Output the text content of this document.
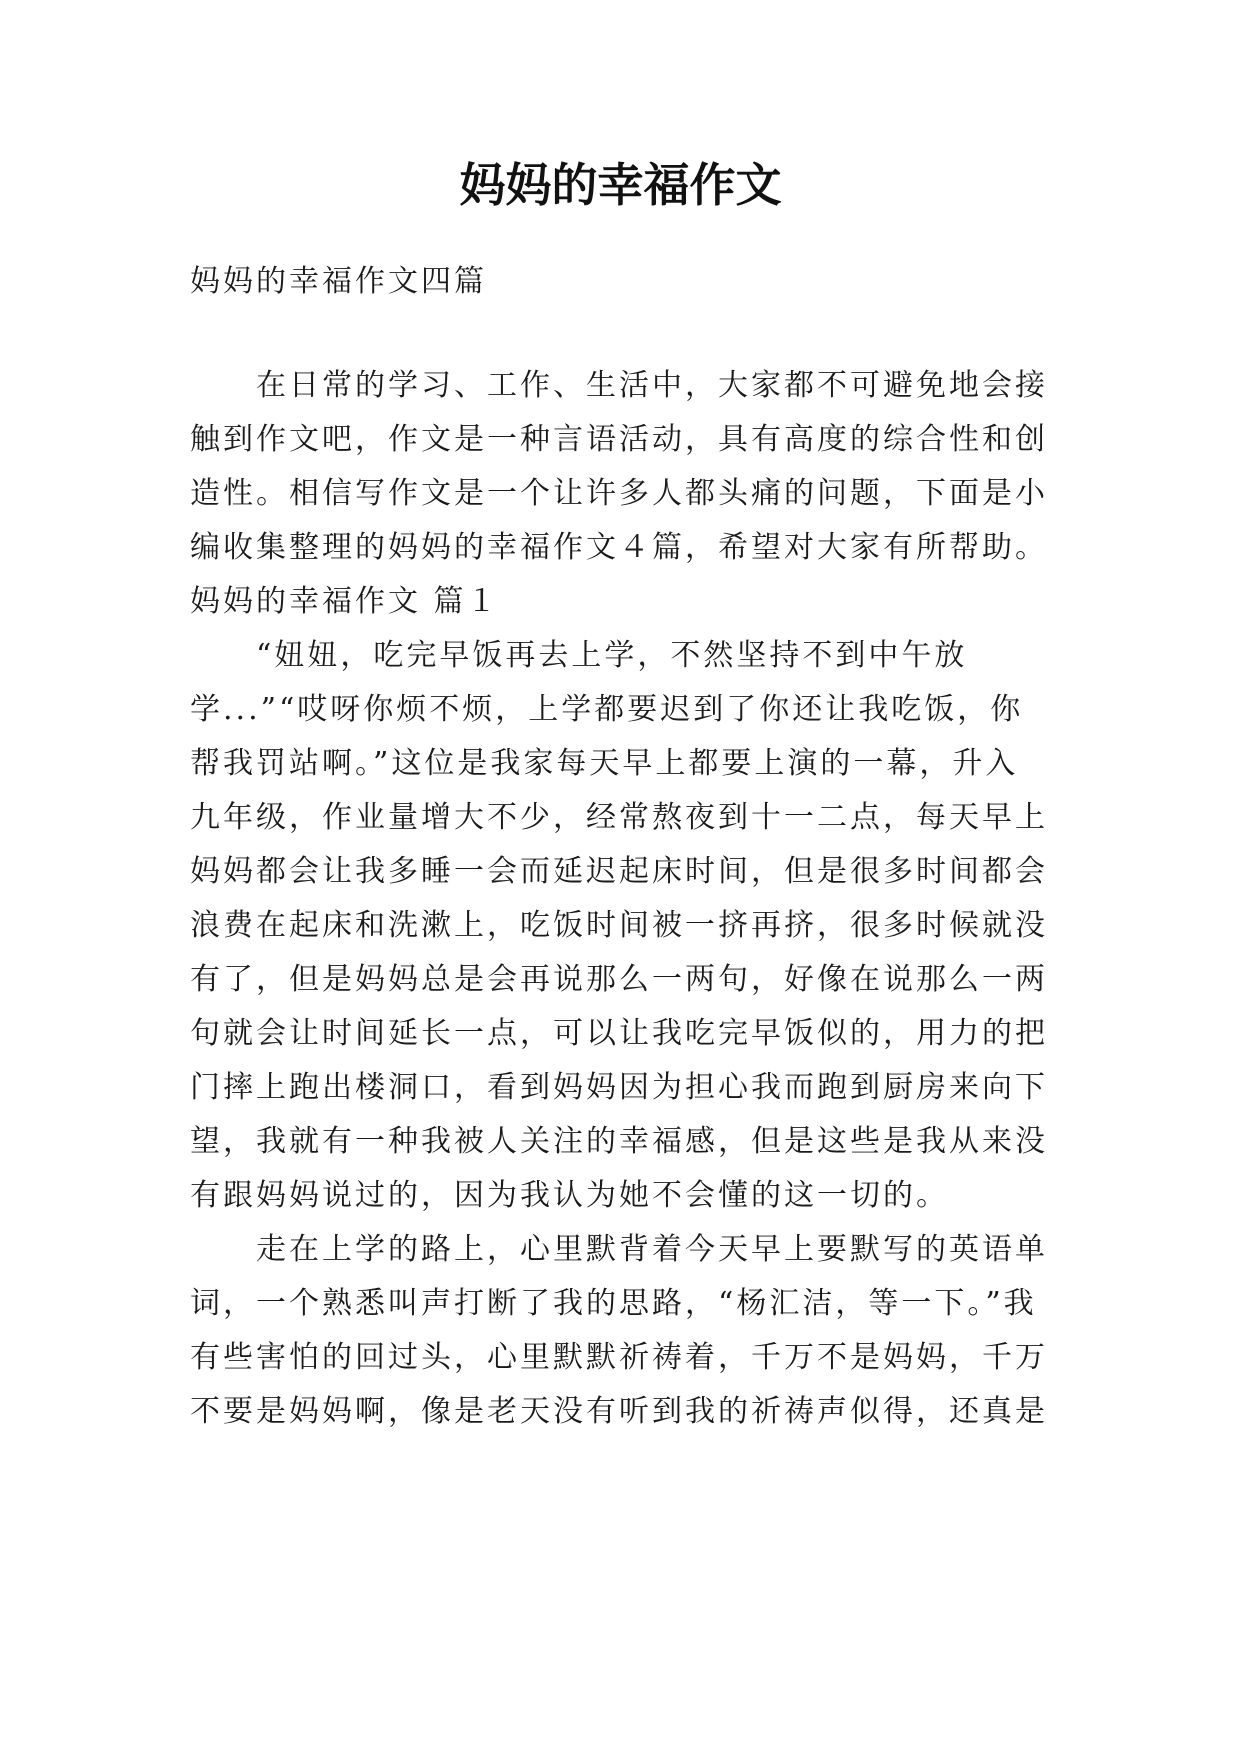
妈妈的幸福作文
妈妈的幸福作文四篇
在日常的学习、工作、生活中，大家都不可避免地会接
触到作文吧，作文是一种言语活动，具有高度的综合性和创
造性。相信写作文是一个让许多人都头痛的问题，下面是小
编收集整理的妈妈的幸福作文４篇，希望对大家有所帮助。
妈妈的幸福作文 篇１
“妞妞，吃完早饭再去上学，不然坚持不到中午放
学...”“哎呀你烦不烦，上学都要迟到了你还让我吃饭，你
帮我罚站啊。”这位是我家每天早上都要上演的一幕，升入
九年级，作业量增大不少，经常熬夜到十一二点，每天早上
妈妈都会让我多睡一会而延迟起床时间，但是很多时间都会
浪费在起床和洗漱上，吃饭时间被一挤再挤，很多时候就没
有了，但是妈妈总是会再说那么一两句，好像在说那么一两
句就会让时间延长一点，可以让我吃完早饭似的，用力的把
门摔上跑出楼洞口，看到妈妈因为担心我而跑到厨房来向下
望，我就有一种我被人关注的幸福感，但是这些是我从来没
有跟妈妈说过的，因为我认为她不会懂的这一切的。
走在上学的路上，心里默背着今天早上要默写的英语单
词，一个熟悉叫声打断了我的思路，“杨汇洁，等一下。”我
有些害怕的回过头，心里默默祈祷着，千万不是妈妈，千万
不要是妈妈啊，像是老天没有听到我的祈祷声似得，还真是
